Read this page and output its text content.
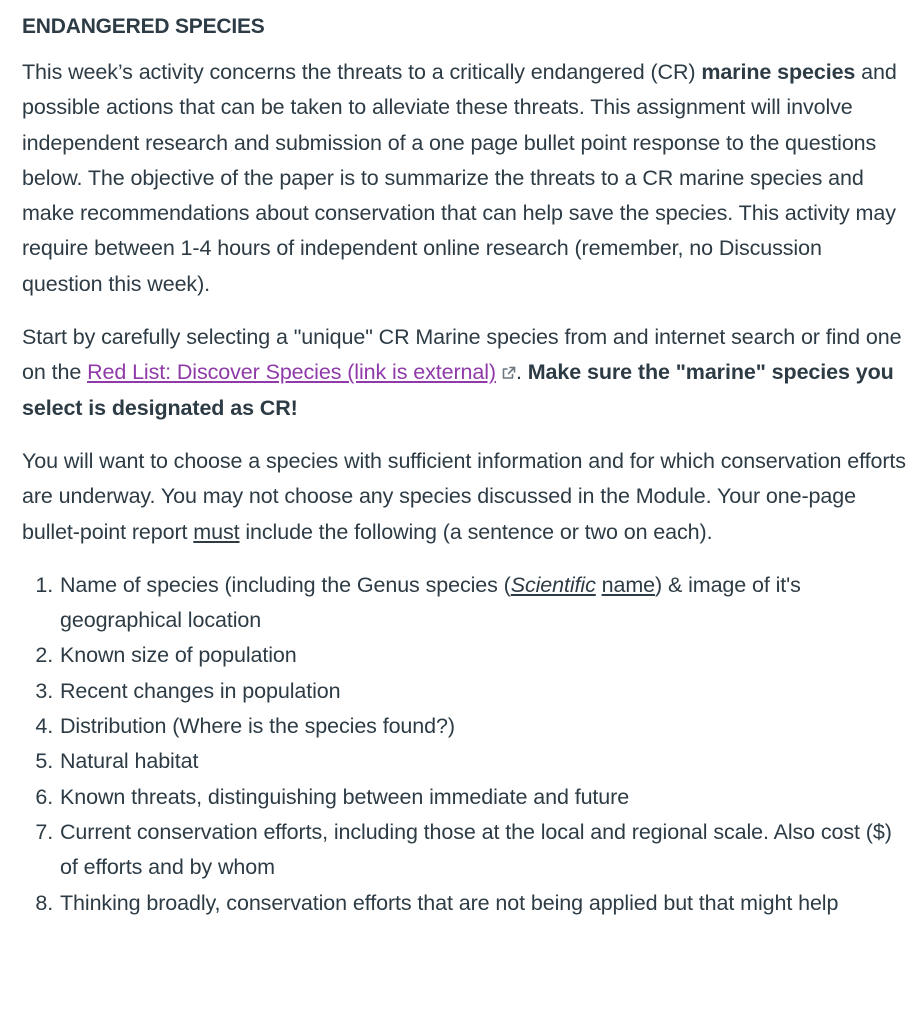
ENDANGERED SPECIES

This week’s activity concerns the threats to a critically endangered (CR) marine species and possible actions that can be taken to alleviate these threats. This assignment will involve independent research and submission of a one page bullet point response to the questions below. The objective of the paper is to summarize the threats to a CR marine species and make recommendations about conservation that can help save the species. This activity may require between 1-4 hours of independent online research (remember, no Discussion question this week).

Start by carefully selecting a "unique" CR Marine species from and internet search or find one on the Red List: Discover Species (link is external) . Make sure the "marine" species you select is designated as CR!

You will want to choose a species with sufficient information and for which conservation efforts are underway. You may not choose any species discussed in the Module. Your one-page bullet-point report must include the following (a sentence or two on each).

1. Name of species (including the Genus species (Scientific name) & image of it's geographical location
2. Known size of population
3. Recent changes in population
4. Distribution (Where is the species found?)
5. Natural habitat
6. Known threats, distinguishing between immediate and future
7. Current conservation efforts, including those at the local and regional scale. Also cost ($) of efforts and by whom
8. Thinking broadly, conservation efforts that are not being applied but that might help
